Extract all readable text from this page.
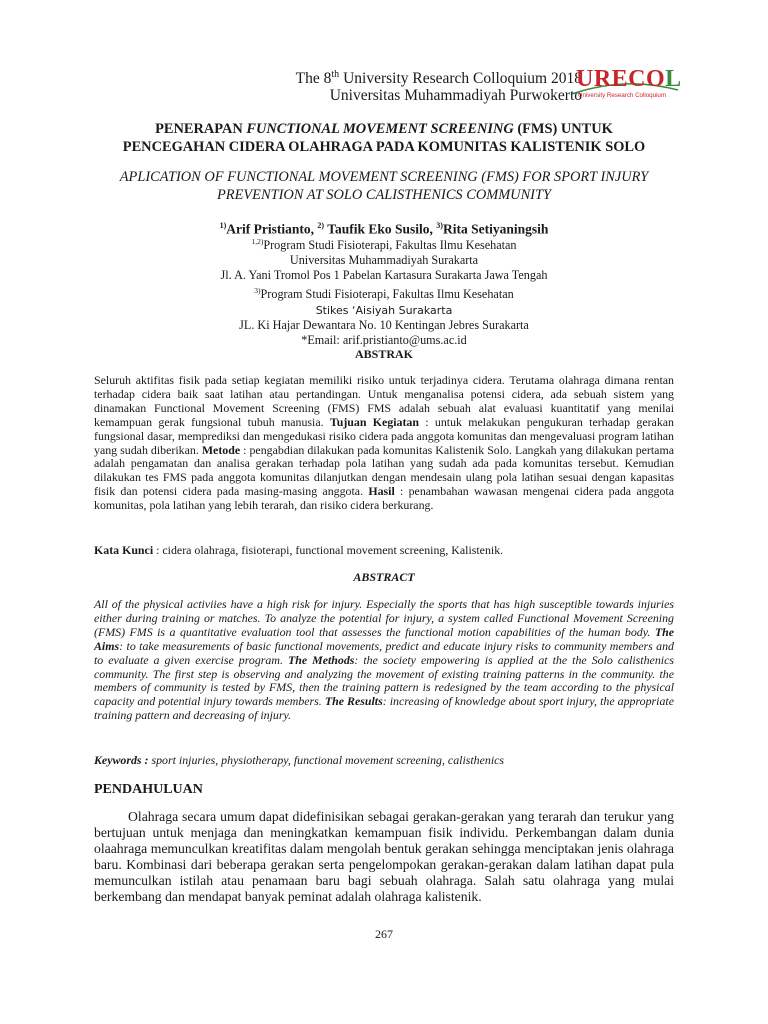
The 8th University Research Colloquium 2018
Universitas Muhammadiyah Purwokerto
URECOL
University Research Colloquium
PENERAPAN FUNCTIONAL MOVEMENT SCREENING (FMS) UNTUK
PENCEGAHAN CIDERA OLAHRAGA PADA KOMUNITAS KALISTENIK SOLO
APLICATION OF FUNCTIONAL MOVEMENT SCREENING (FMS) FOR SPORT INJURY
PREVENTION AT SOLO CALISTHENICS COMMUNITY
$^{1)}$Arif Pristianto, $^{2)}$ Taufik Eko Susilo, $^{3)}$Rita Setiyaningsih
$^{1,2)}$Program Studi Fisioterapi, Fakultas Ilmu Kesehatan
Universitas Muhammadiyah Surakarta
Jl. A. Yani Tromol Pos 1 Pabelan Kartasura Surakarta Jawa Tengah
$^{3)}$Program Studi Fisioterapi, Fakultas Ilmu Kesehatan
Stikes ‘Aisiyah Surakarta
JL. Ki Hajar Dewantara No. 10 Kentingan Jebres Surakarta
*Email: arif.pristianto@ums.ac.id
ABSTRAK
Seluruh aktifitas fisik pada setiap kegiatan memiliki risiko untuk terjadinya cidera. Terutama olahraga dimana rentan terhadap cidera baik saat latihan atau pertandingan. Untuk menganalisa potensi cidera, ada sebuah sistem yang dinamakan Functional Movement Screening (FMS) FMS adalah sebuah alat evaluasi kuantitatif yang menilai kemampuan gerak fungsional tubuh manusia. Tujuan Kegiatan : untuk melakukan pengukuran terhadap gerakan fungsional dasar, memprediksi dan mengedukasi risiko cidera pada anggota komunitas dan mengevaluasi program latihan yang sudah diberikan. Metode : pengabdian dilakukan pada komunitas Kalistenik Solo. Langkah yang dilakukan pertama adalah pengamatan dan analisa gerakan terhadap pola latihan yang sudah ada pada komunitas tersebut. Kemudian dilakukan tes FMS pada anggota komunitas dilanjutkan dengan mendesain ulang pola latihan sesuai dengan kapasitas fisik dan potensi cidera pada masing-masing anggota. Hasil : penambahan wawasan mengenai cidera pada anggota komunitas, pola latihan yang lebih terarah, dan risiko cidera berkurang.
Kata Kunci : cidera olahraga, fisioterapi, functional movement screening, Kalistenik.
ABSTRACT
All of the physical activiies have a high risk for injury. Especially the sports that has high susceptible towards injuries either during training or matches. To analyze the potential for injury, a system called Functional Movement Screening (FMS) FMS is a quantitative evaluation tool that assesses the functional motion capabilities of the human body. The Aims: to take measurements of basic functional movements, predict and educate injury risks to community members and to evaluate a given exercise program. The Methods: the society empowering is applied at the the Solo calisthenics community. The first step is observing and analyzing the movement of existing training patterns in the community. the members of community is tested by FMS, then the training pattern is redesigned by the team according to the physical capacity and potential injury towards members. The Results: increasing of knowledge about sport injury, the appropriate training pattern and decreasing of injury.
Keywords : sport injuries, physiotherapy, functional movement screening, calisthenics
PENDAHULUAN
Olahraga secara umum dapat didefinisikan sebagai gerakan-gerakan yang terarah dan terukur yang bertujuan untuk menjaga dan meningkatkan kemampuan fisik individu. Perkembangan dalam dunia olaahraga memunculkan kreatifitas dalam mengolah bentuk gerakan sehingga menciptakan jenis olahraga baru. Kombinasi dari beberapa gerakan serta pengelompokan gerakan-gerakan dalam latihan dapat pula memunculkan istilah atau penamaan baru bagi sebuah olahraga. Salah satu olahraga yang mulai berkembang dan mendapat banyak peminat adalah olahraga kalistenik.
267
